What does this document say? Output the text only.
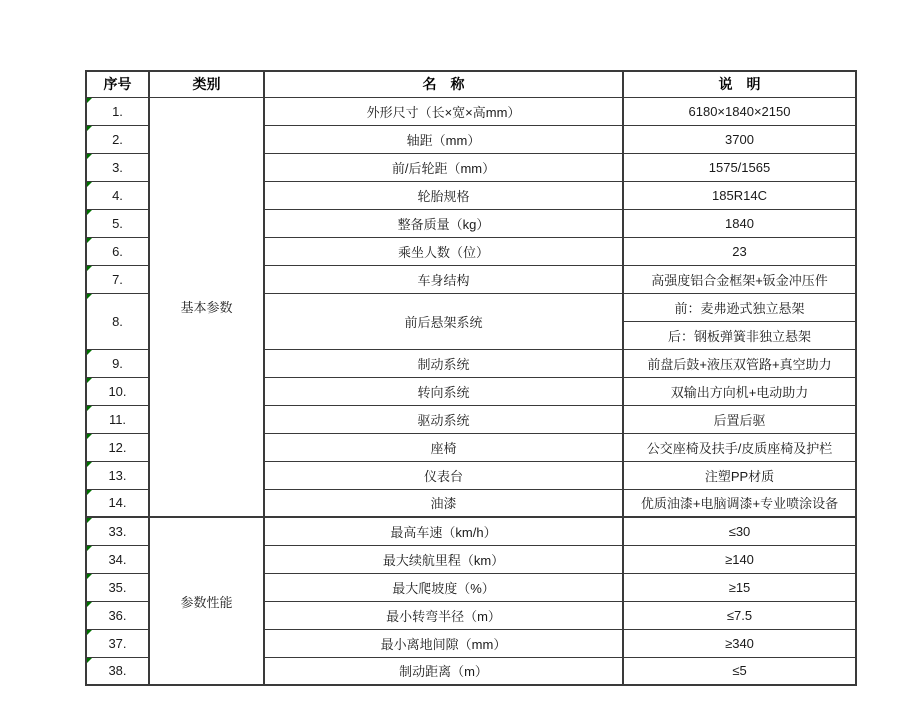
序号	类别	名　称	说　明

1.	基本参数	外形尺寸（长×宽×高mm）	6180×1840×2150

2.		轴距（mm）	3700

3.		前/后轮距（mm）	1575/1565

4.		轮胎规格	185R14C

5.		整备质量（kg）	1840

6.		乘坐人数（位）	23

7.		车身结构	高强度铝合金框架+钣金冲压件

8.		前后悬架系统	前：麦弗逊式独立悬架
			后：钢板弹簧非独立悬架

9.		制动系统	前盘后鼓+液压双管路+真空助力

10.		转向系统	双输出方向机+电动助力

11.		驱动系统	后置后驱

12.		座椅	公交座椅及扶手/皮质座椅及护栏

13.		仪表台	注塑PP材质

14.		油漆	优质油漆+电脑调漆+专业喷涂设备

33.	参数性能	最高车速（km/h）	≤30

34.		最大续航里程（km）	≥140

35.		最大爬坡度（%）	≥15

36.		最小转弯半径（m）	≤7.5

37.		最小离地间隙（mm）	≥340

38.		制动距离（m）	≤5
